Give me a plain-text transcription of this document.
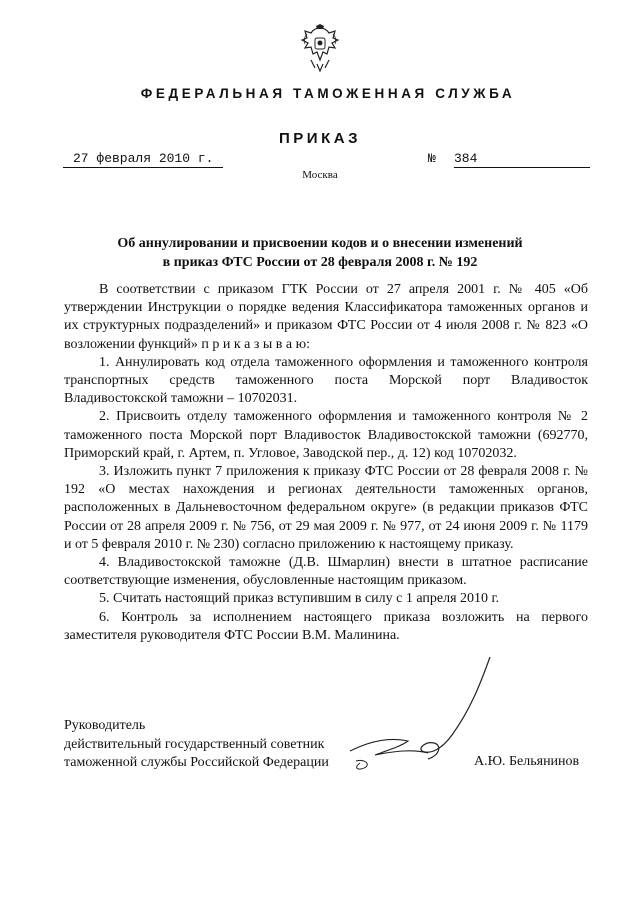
ФЕДЕРАЛЬНАЯ ТАМОЖЕННАЯ СЛУЖБА
ПРИКАЗ
27 февраля 2010 г.	№ 384
Москва
Об аннулировании и присвоении кодов и о внесении изменений
в приказ ФТС России от 28 февраля 2008 г. № 192

В соответствии с приказом ГТК России от 27 апреля 2001 г. № 405 «Об утверждении Инструкции о порядке ведения Классификатора таможенных органов и их структурных подразделений» и приказом ФТС России от 4 июля 2008 г. № 823 «О возложении функций» п р и к а з ы в а ю:

1. Аннулировать код отдела таможенного оформления и таможенного контроля транспортных средств таможенного поста Морской порт Владивосток Владивостокской таможни – 10702031.

2. Присвоить отделу таможенного оформления и таможенного контроля № 2 таможенного поста Морской порт Владивосток Владивостокской таможни (692770, Приморский край, г. Артем, п. Угловое, Заводской пер., д. 12) код 10702032.

3. Изложить пункт 7 приложения к приказу ФТС России от 28 февраля 2008 г. № 192 «О местах нахождения и регионах деятельности таможенных органов, расположенных в Дальневосточном федеральном округе» (в редакции приказов ФТС России от 28 апреля 2009 г. № 756, от 29 мая 2009 г. № 977, от 24 июня 2009 г. № 1179 и от 5 февраля 2010 г. № 230) согласно приложению к настоящему приказу.

4. Владивостокской таможне (Д.В. Шмарлин) внести в штатное расписание соответствующие изменения, обусловленные настоящим приказом.

5. Считать настоящий приказ вступившим в силу с 1 апреля 2010 г.

6. Контроль за исполнением настоящего приказа возложить на первого заместителя руководителя ФТС России В.М. Малинина.

Руководитель
действительный государственный советник
таможенной службы Российской Федерации	А.Ю. Бельянинов
